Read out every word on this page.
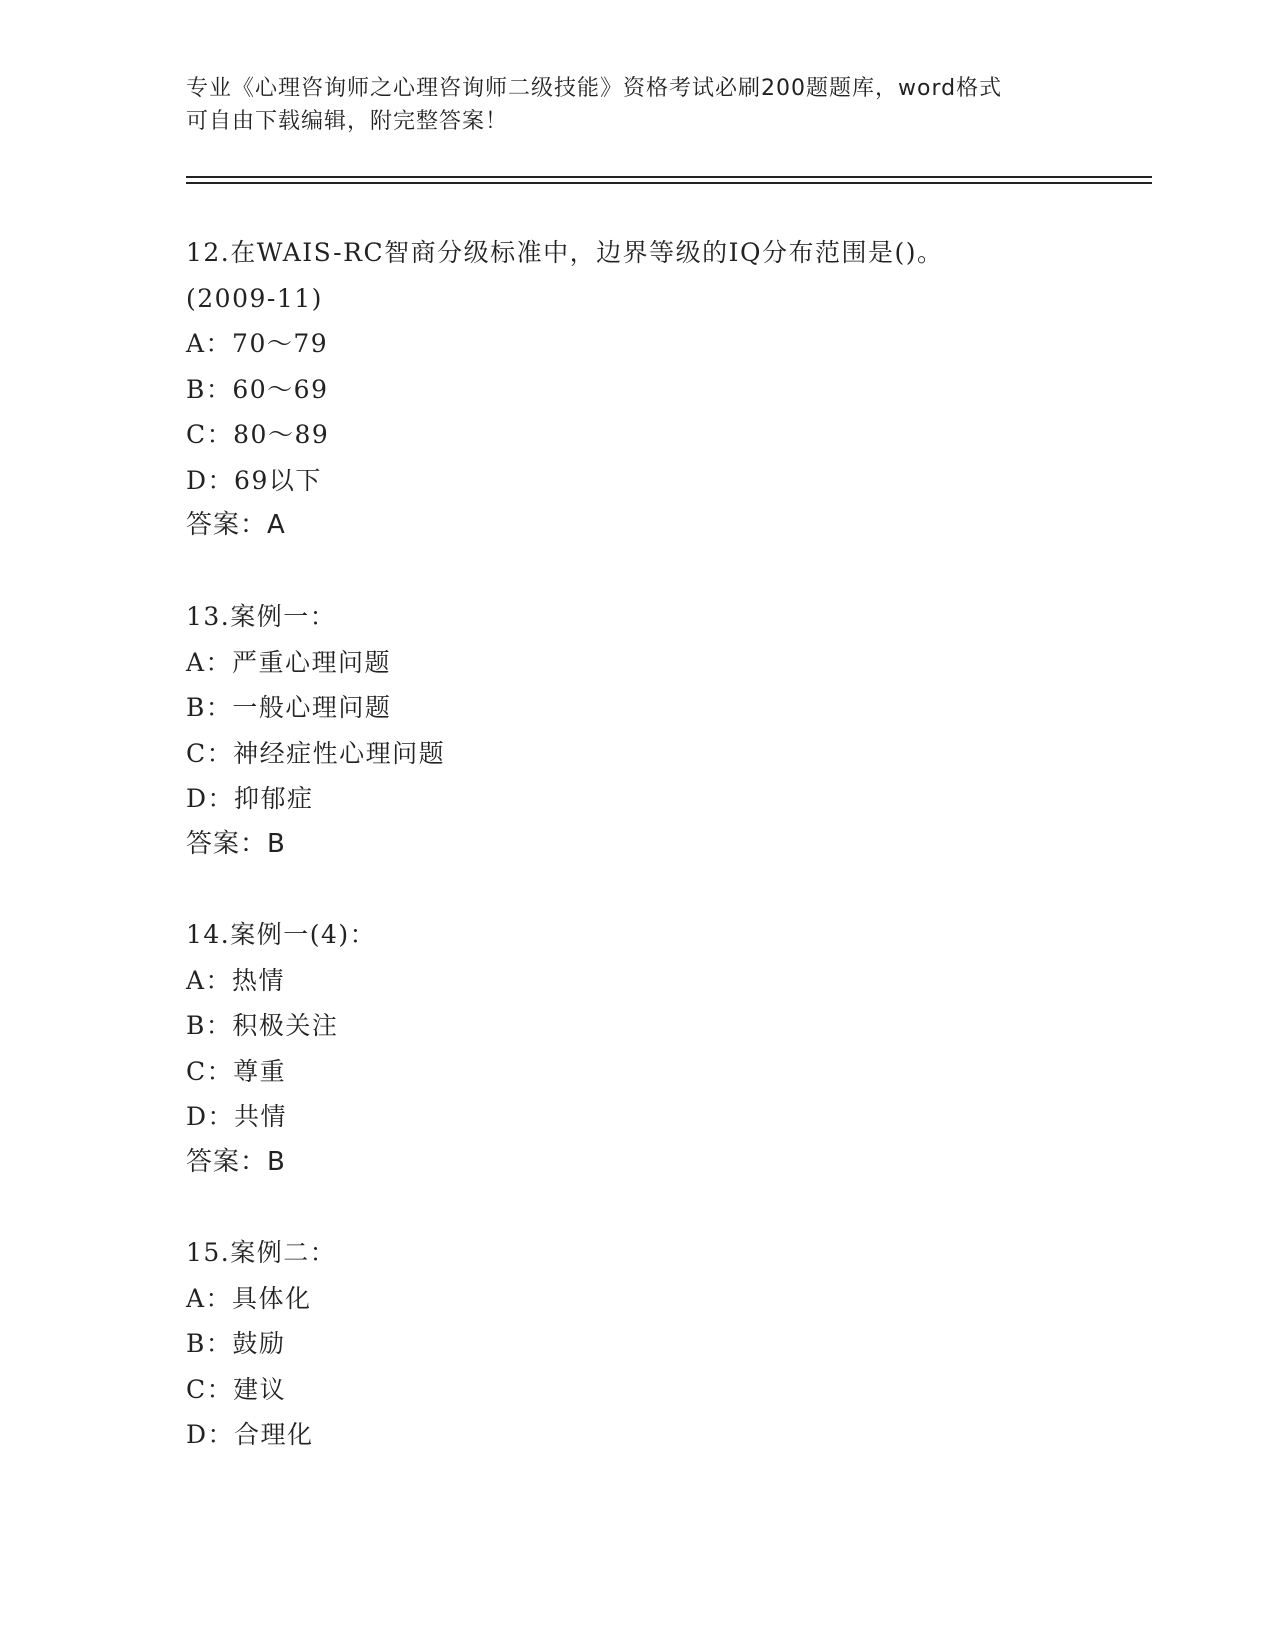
专业《心理咨询师之心理咨询师二级技能》资格考试必刷200题题库，word格式
可自由下载编辑，附完整答案！
12.在WAIS-RC智商分级标准中，边界等级的IQ分布范围是()。
(2009-11)
A：70～79
B：60～69
C：80～89
D：69以下
答案：A
13.案例一：
A：严重心理问题
B：一般心理问题
C：神经症性心理问题
D：抑郁症
答案：B
14.案例一(4)：
A：热情
B：积极关注
C：尊重
D：共情
答案：B
15.案例二：
A：具体化
B：鼓励
C：建议
D：合理化
